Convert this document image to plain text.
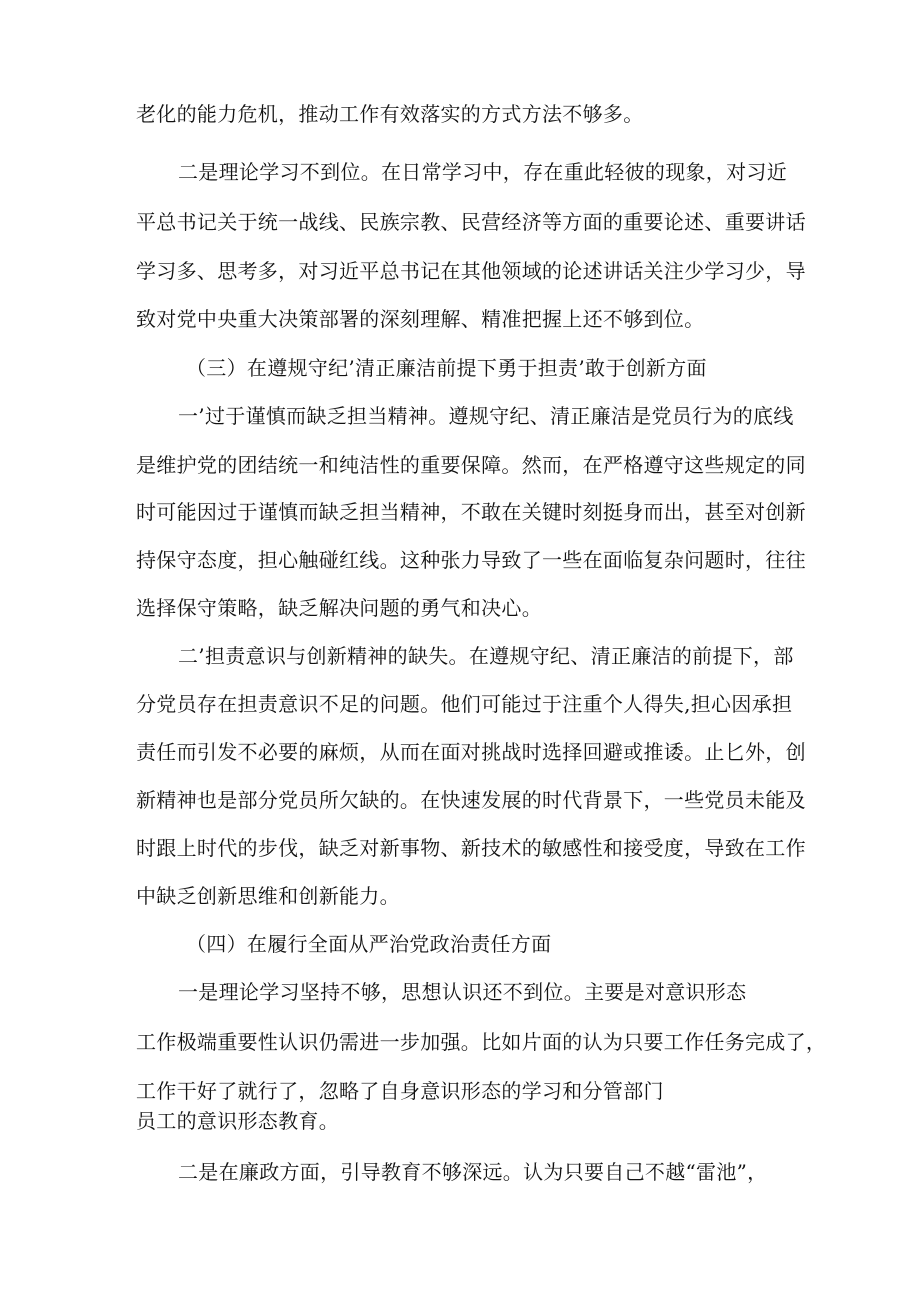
老化的能力危机，推动工作有效落实的方式方法不够多。
二是理论学习不到位。在日常学习中，存在重此轻彼的现象，对习近
平总书记关于统一战线、民族宗教、民营经济等方面的重要论述、重要讲话
学习多、思考多，对习近平总书记在其他领域的论述讲话关注少学习少，导
致对党中央重大决策部署的深刻理解、精准把握上还不够到位。
（三）在遵规守纪’清正廉洁前提下勇于担责’敢于创新方面
一’过于谨慎而缺乏担当精神。遵规守纪、清正廉洁是党员行为的底线
是维护党的团结统一和纯洁性的重要保障。然而，在严格遵守这些规定的同
时可能因过于谨慎而缺乏担当精神，不敢在关键时刻挺身而出，甚至对创新
持保守态度，担心触碰红线。这种张力导致了一些在面临复杂问题时，往往
选择保守策略，缺乏解决问题的勇气和决心。
二’担责意识与创新精神的缺失。在遵规守纪、清正廉洁的前提下，部
分党员存在担责意识不足的问题。他们可能过于注重个人得失,担心因承担
责任而引发不必要的麻烦，从而在面对挑战时选择回避或推诿。止匕外，创
新精神也是部分党员所欠缺的。在快速发展的时代背景下，一些党员未能及
时跟上时代的步伐，缺乏对新事物、新技术的敏感性和接受度，导致在工作
中缺乏创新思维和创新能力。
（四）在履行全面从严治党政治责任方面
一是理论学习坚持不够，思想认识还不到位。主要是对意识形态
工作极端重要性认识仍需进一步加强。比如片面的认为只要工作任务完成了，
工作干好了就行了，忽略了自身意识形态的学习和分管部门
员工的意识形态教育。
二是在廉政方面，引导教育不够深远。认为只要自己不越“雷池”，
